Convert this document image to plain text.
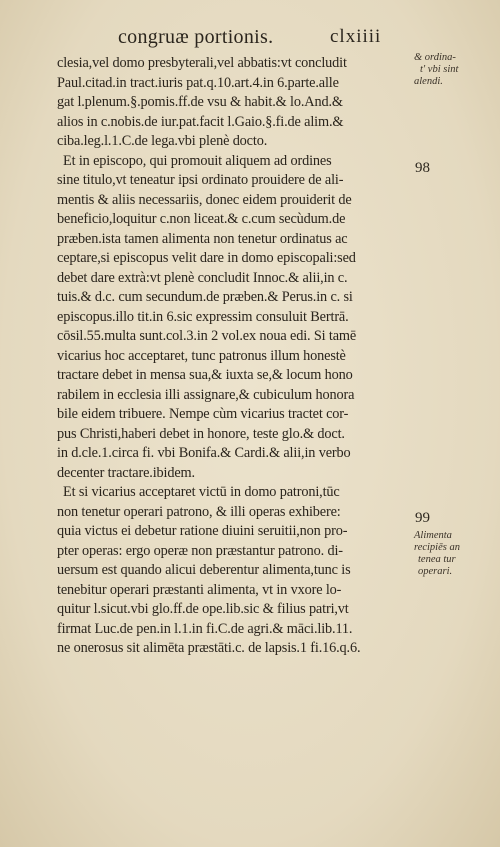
congruæ portionis.	clxiiii
clesia,vel domo presbyterali,vel abbatis:vt concludit
Paul.citad.in tract.iuris pat.q.10.art.4.in 6.parte.alle
gat l.plenum.§.pomis.ff.de vsu & habit.& lo.And.&
alios in c.nobis.de iur.pat.facit l.Gaio.§.fi.de alim.&
ciba.leg.l.1.C.de lega.vbi plenè docto.
Et in episcopo, qui promouit aliquem ad ordines
sine titulo,vt teneatur ipsi ordinato prouidere de ali-
mentis & aliis necessariis, donec eidem prouiderit de
beneficio,loquitur c.non liceat.& c.cum secùdum.de
præben.ista tamen alimenta non tenetur ordinatus ac
ceptare,si episcopus velit dare in domo episcopali:sed
debet dare extrà:vt plenè concludit Innoc.& alii,in c.
tuis.& d.c. cum secundum.de præben.& Perus.in c. si
episcopus.illo tit.in 6.sic expressim consuluit Bertrā.
cōsil.55.multa sunt.col.3.in 2 vol.ex noua edi. Si tamē
vicarius hoc acceptaret, tunc patronus illum honestè
tractare debet in mensa sua,& iuxta se,& locum hono
rabilem in ecclesia illi assignare,& cubiculum honora
bile eidem tribuere. Nempe cùm vicarius tractet cor-
pus Christi,haberi debet in honore, teste glo.& doct.
in d.cle.1.circa fi. vbi Bonifa.& Cardi.& alii,in verbo
decenter tractare.ibidem.
Et si vicarius acceptaret victū in domo patroni,tūc
non tenetur operari patrono, & illi operas exhibere:
quia victus ei debetur ratione diuini seruitii,non pro-
pter operas: ergo operæ non præstantur patrono. di-
uersum est quando alicui deberentur alimenta,tunc is
tenebitur operari præstanti alimenta, vt in vxore lo-
quitur l.sicut.vbi glo.ff.de ope.lib.sic & filius patri,vt
firmat Luc.de pen.in l.1.in fi.C.de agri.& māci.lib.11.
ne onerosus sit alimēta præstāti.c. de lapsis.1 fi.16.q.6.
& ordina-
t' vbi sint
alendi.
98
99
Alimenta
recipiēs an
tenea tur
operari.
